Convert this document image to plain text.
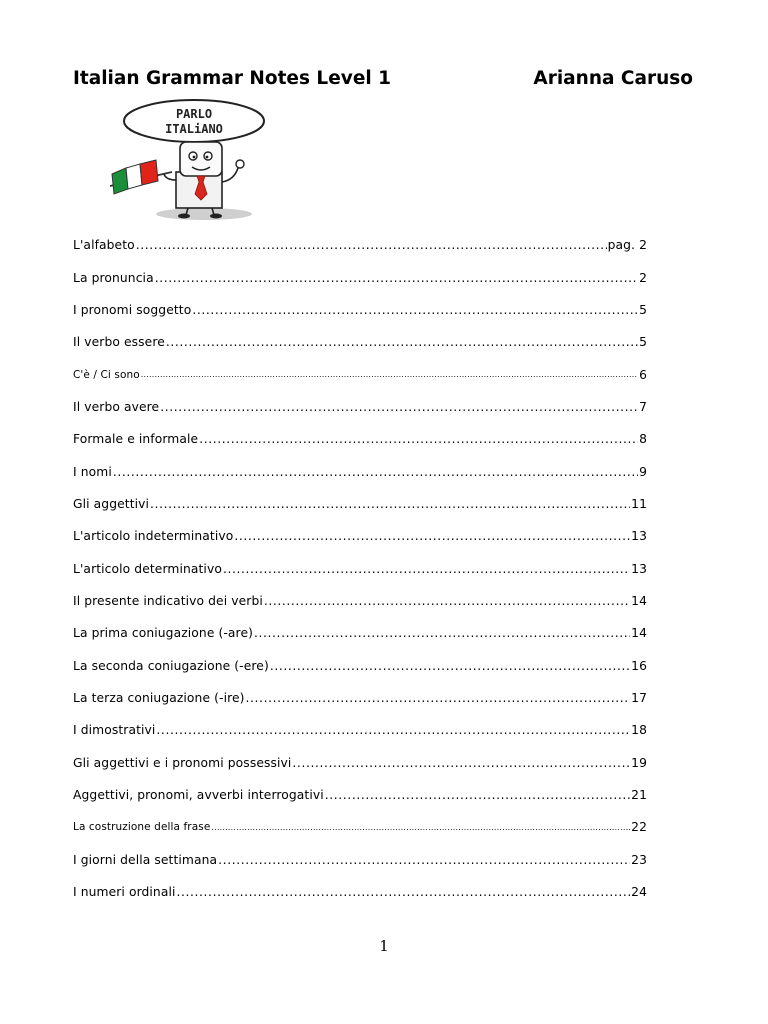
Italian Grammar Notes Level 1	Arianna Caruso
PARLO
ITALiANO
L'alfabeto .....	pag. 2
La pronuncia .....	2
I pronomi soggetto .....	5
Il verbo essere .....	5
C'è / Ci sono .....	6
Il verbo avere .....	7
Formale e informale .....	8
I nomi .....	9
Gli aggettivi .....	11
L'articolo indeterminativo .....	13
L'articolo determinativo .....	13
Il presente indicativo dei verbi .....	14
La prima coniugazione (-are) .....	14
La seconda coniugazione (-ere) .....	16
La terza coniugazione (-ire) .....	17
I dimostrativi .....	18
Gli aggettivi e i pronomi possessivi .....	19
Aggettivi, pronomi, avverbi interrogativi .....	21
La costruzione della frase .....	22
I giorni della settimana .....	23
I numeri ordinali .....	24
1
